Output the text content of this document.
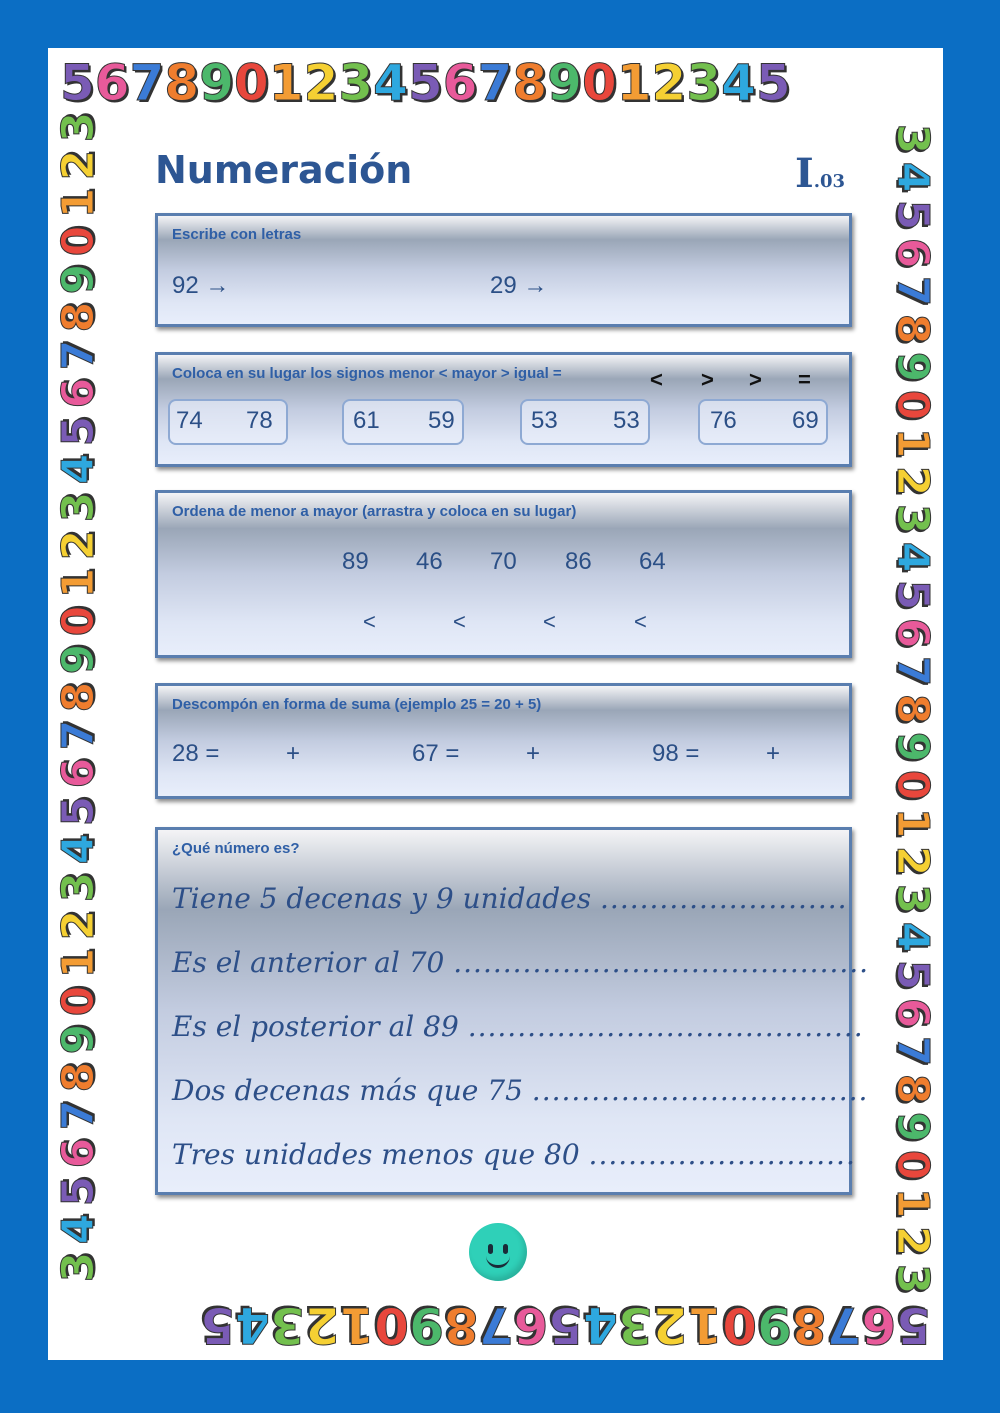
567890123456789012345
3
2
1
0
9
8
7
6
5
4
3
2
1
0
9
8
7
6
5
4
3
2
1
0
9
8
7
6
5
4
3	3
2
1
0
9
8
7
6
5
4
3
2
1
0
9
8
7
6
5
4
3
2
1
0
9
8
7
6
5
4
3
567890123456789012345
Numeración	I.03
Escribe con letras
92 →	29 →
Coloca en su lugar los signos menor < mayor > igual =	< > > =
74 78	61 59	53 53	76 69
Ordena de menor a mayor (arrastra y coloca en su lugar)
89 46 70 86 64
<	<	<	<
Descompón en forma de suma (ejemplo 25 = 20 + 5)
28 =	+	67 =	+	98 =	+
¿Qué número es?
Tiene 5 decenas y 9 unidades .........................
Es el anterior al 70 ..........................................
Es el posterior al 89 ........................................
Dos decenas más que 75 ..................................
Tres unidades menos que 80 ...........................
